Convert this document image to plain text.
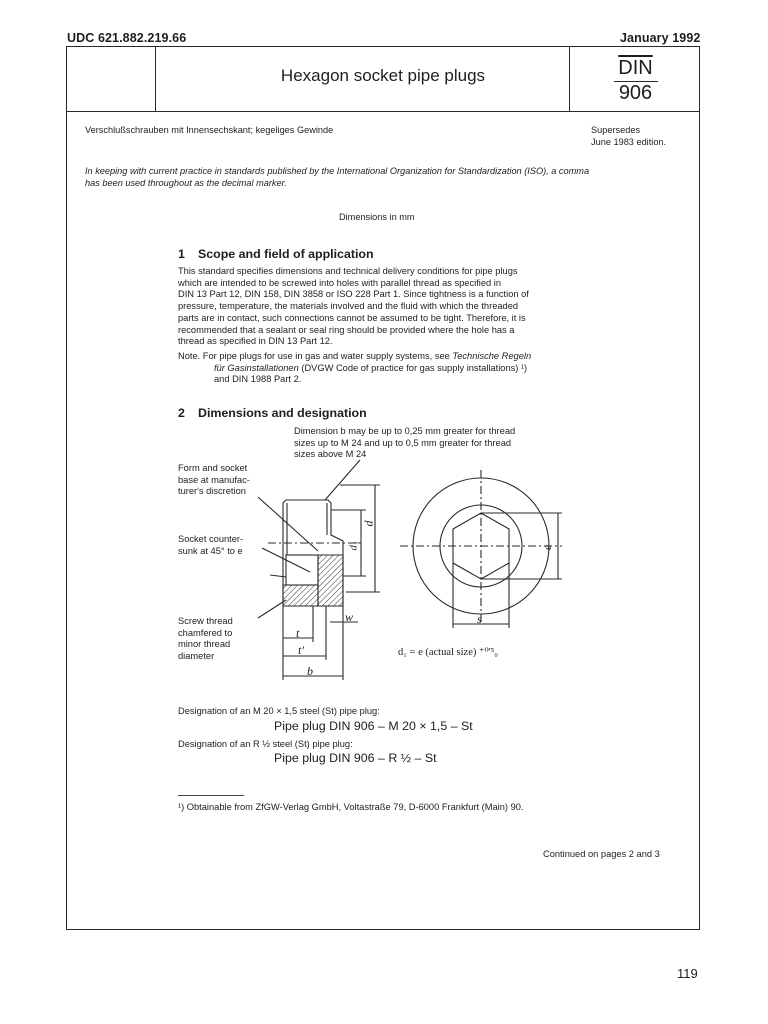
UDC 621.882.219.66	January 1992
Hexagon socket pipe plugs	$\overline{DIN}$
906
Verschlußschrauben mit Innensechskant; kegeliges Gewinde	Supersedes
June 1983 edition.
In keeping with current practice in standards published by the International Organization for Standardization (ISO), a comma
has been used throughout as the decimal marker.
Dimensions in mm
1 Scope and field of application
This standard specifies dimensions and technical delivery conditions for pipe plugs
which are intended to be screwed into holes with parallel thread as specified in
DIN 13 Part 12, DIN 158, DIN 3858 or ISO 228 Part 1. Since tightness is a function of
pressure, temperature, the materials involved and the fluid with which the threaded
parts are in contact, such connections cannot be assumed to be tight. Therefore, it is
recommended that a sealant or seal ring should be provided where the hole has a
thread as specified in DIN 13 Part 12.
Note. For pipe plugs for use in gas and water supply systems, see Technische Regeln
für Gasinstallationen (DVGW Code of practice for gas supply installations) ¹)
and DIN 1988 Part 2.
2 Dimensions and designation
Dimension b may be up to 0,25 mm greater for thread
sizes up to M 24 and up to 0,5 mm greater for thread
sizes above M 24
Form and socket
base at manufac-
turer's discretion
Socket counter-
sunk at 45° to e
Screw thread
chamfered to
minor thread
diameter
d
d₁
t
t'
b
w	s
e
d₁ = e (actual size) ⁺⁰'⁵₀
Designation of an M 20 × 1,5 steel (St) pipe plug:
Pipe plug DIN 906 – M 20 × 1,5 – St
Designation of an R ½ steel (St) pipe plug:
Pipe plug DIN 906 – R ½ – St
¹) Obtainable from ZfGW-Verlag GmbH, Voltastraße 79, D-6000 Frankfurt (Main) 90.
Continued on pages 2 and 3
119
